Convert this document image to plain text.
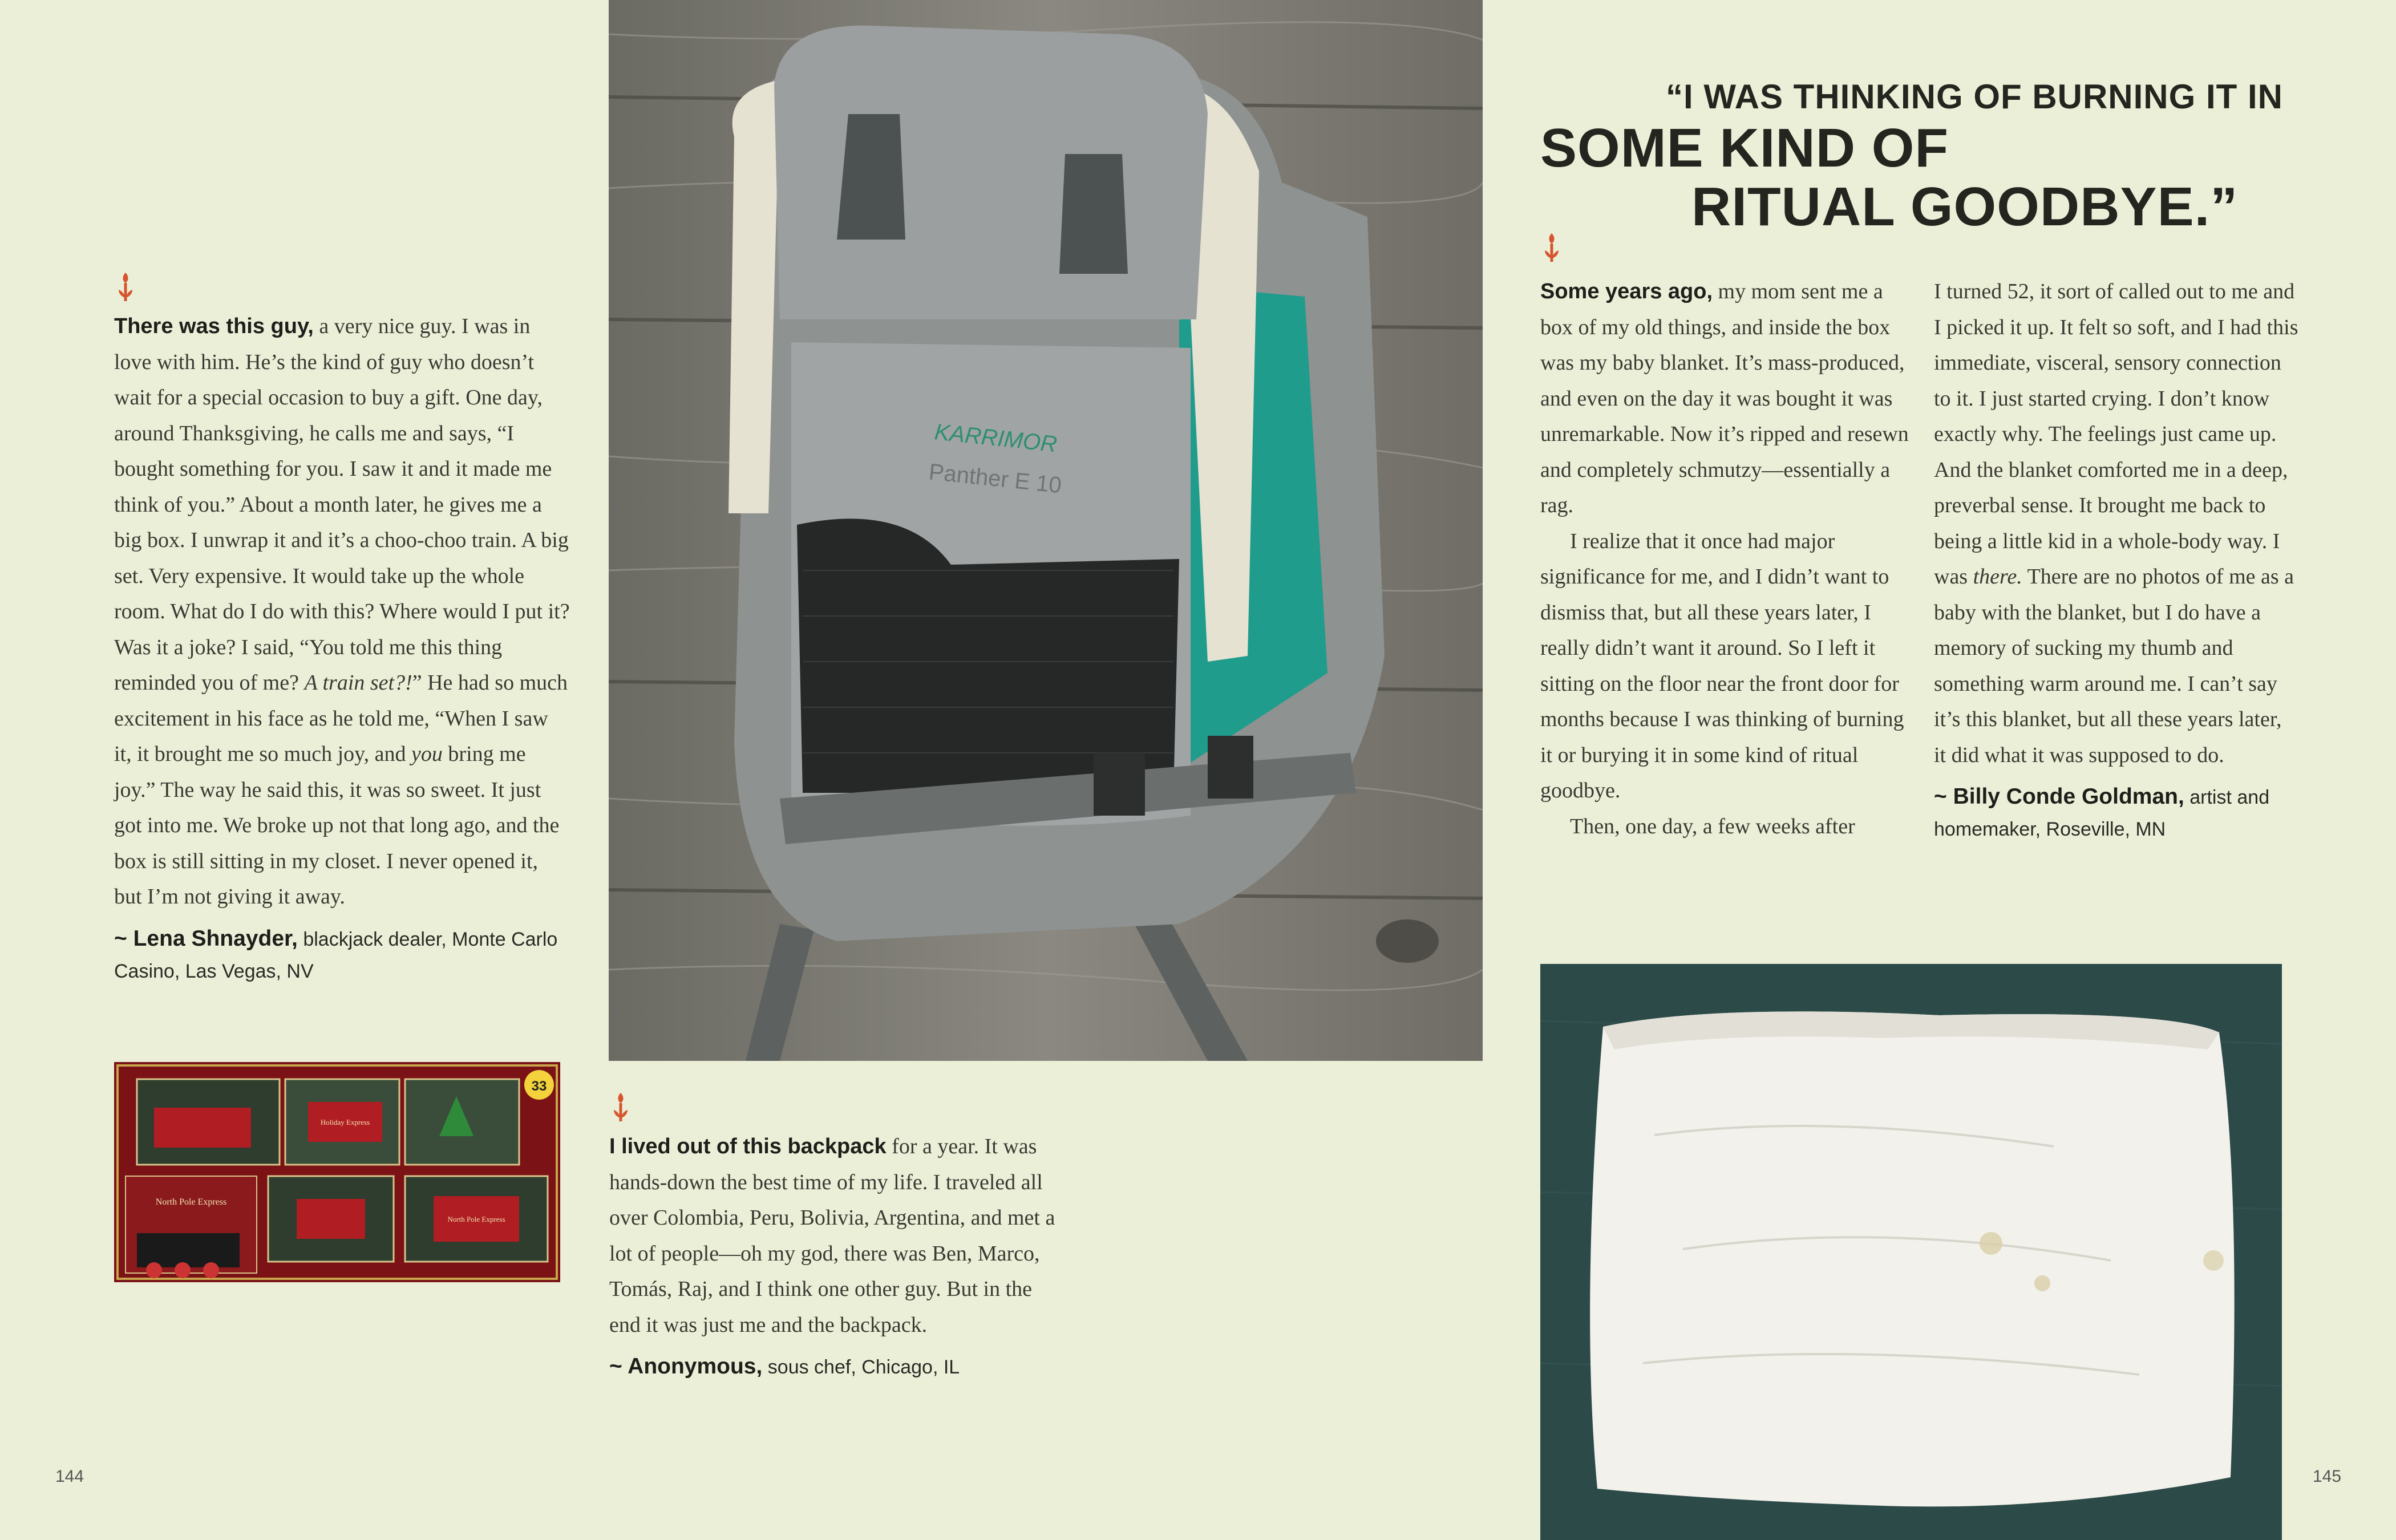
KARRIMOR
Panther E 10

There was this guy, a very nice guy. I was in love with him. He’s the kind of guy who doesn’t wait for a special occasion to buy a gift. One day, around Thanksgiving, he calls me and says, “I bought something for you. I saw it and it made me think of you.” About a month later, he gives me a big box. I unwrap it and it’s a choo-choo train. A big set. Very expensive. It would take up the whole room. What do I do with this? Where would I put it? Was it a joke? I said, “You told me this thing reminded you of me? A train set?!” He had so much excitement in his face as he told me, “When I saw it, it brought me so much joy, and you bring me joy.” The way he said this, it was so sweet. It just got into me. We broke up not that long ago, and the box is still sitting in my closet. I never opened it, but I’m not giving it away.

~ Lena Shnayder, blackjack dealer, Monte Carlo Casino, Las Vegas, NV
33
North Pole Express
Holiday Express
North Pole Express

I lived out of this backpack for a year. It was hands-down the best time of my life. I traveled all over Colombia, Peru, Bolivia, Argentina, and met a lot of people—oh my god, there was Ben, Marco, Tomás, Raj, and I think one other guy. But in the end it was just me and the backpack.

~ Anonymous, sous chef, Chicago, IL
“I WAS THINKING OF BURNING IT IN
SOME KIND OF
RITUAL GOODBYE.”

Some years ago, my mom sent me a box of my old things, and inside the box was my baby blanket. It’s mass-produced, and even on the day it was bought it was unremarkable. Now it’s ripped and resewn and completely schmutzy—essentially a rag.

I realize that it once had major significance for me, and I didn’t want to dismiss that, but all these years later, I really didn’t want it around. So I left it sitting on the floor near the front door for months because I was thinking of burning it or burying it in some kind of ritual goodbye.

Then, one day, a few weeks after

I turned 52, it sort of called out to me and I picked it up. It felt so soft, and I had this immediate, visceral, sensory connection to it. I just started crying. I don’t know exactly why. The feelings just came up. And the blanket comforted me in a deep, preverbal sense. It brought me back to being a little kid in a whole-body way. I was there. There are no photos of me as a baby with the blanket, but I do have a memory of sucking my thumb and something warm around me. I can’t say it’s this blanket, but all these years later, it did what it was supposed to do.

~ Billy Conde Goldman, artist and homemaker, Roseville, MN
144	145
